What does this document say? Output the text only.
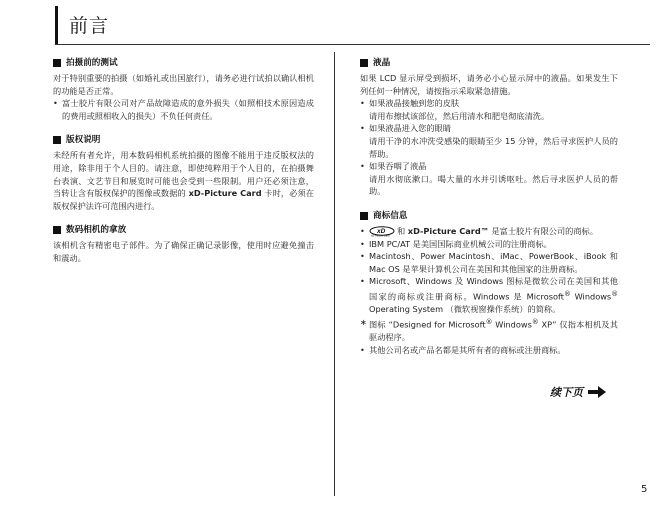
前言
拍摄前的测试

对于特别重要的拍摄（如婚礼或出国旅行），请务必进行试拍以确认相机的功能是否正常。

• 富士胶片有限公司对产品故障造成的意外损失（如照相技术原因造成的费用或照相收入的损失）不负任何责任。
版权说明

未经所有者允许，用本数码相机系统拍摄的图像不能用于违反版权法的用途，除非用于个人目的。请注意，即使纯粹用于个人目的，在拍摄舞台表演、文艺节目和展览时可能也会受到一些限制。用户还必须注意，当转让含有版权保护的图像或数据的 xD-Picture Card 卡时，必须在版权保护法许可范围内进行。

数码相机的拿放

该相机含有精密电子部件。为了确保正确记录影像，使用时应避免撞击和震动。

液晶

如果 LCD 显示屏受到损坏，请务必小心显示屏中的液晶。如果发生下列任何一种情况，请按指示采取紧急措施。

• 如果液晶接触到您的皮肤
请用布擦拭该部位，然后用清水和肥皂彻底清洗。
• 如果液晶进入您的眼睛
请用干净的水冲洗受感染的眼睛至少 15 分钟，然后寻求医护人员的帮助。
• 如果吞咽了液晶
请用水彻底漱口。喝大量的水并引诱呕吐。然后寻求医护人员的帮助。
商标信息
• xD
xD-Picture Card
和 xD-Picture Card™ 是富士胶片有限公司的商标。
• IBM PC/AT 是美国国际商业机械公司的注册商标。
• Macintosh、Power Macintosh、iMac、PowerBook、iBook 和 Mac OS 是苹果计算机公司在美国和其他国家的注册商标。
• Microsoft、Windows 及 Windows 图标是微软公司在美国和其他国家的商标或注册商标。Windows 是 Microsoft® Windows® Operating System （微软视窗操作系统）的简称。
∗ 图标 “Designed for Microsoft® Windows® XP” 仅指本相机及其驱动程序。
• 其他公司名或产品名都是其所有者的商标或注册商标。
续下页
5
